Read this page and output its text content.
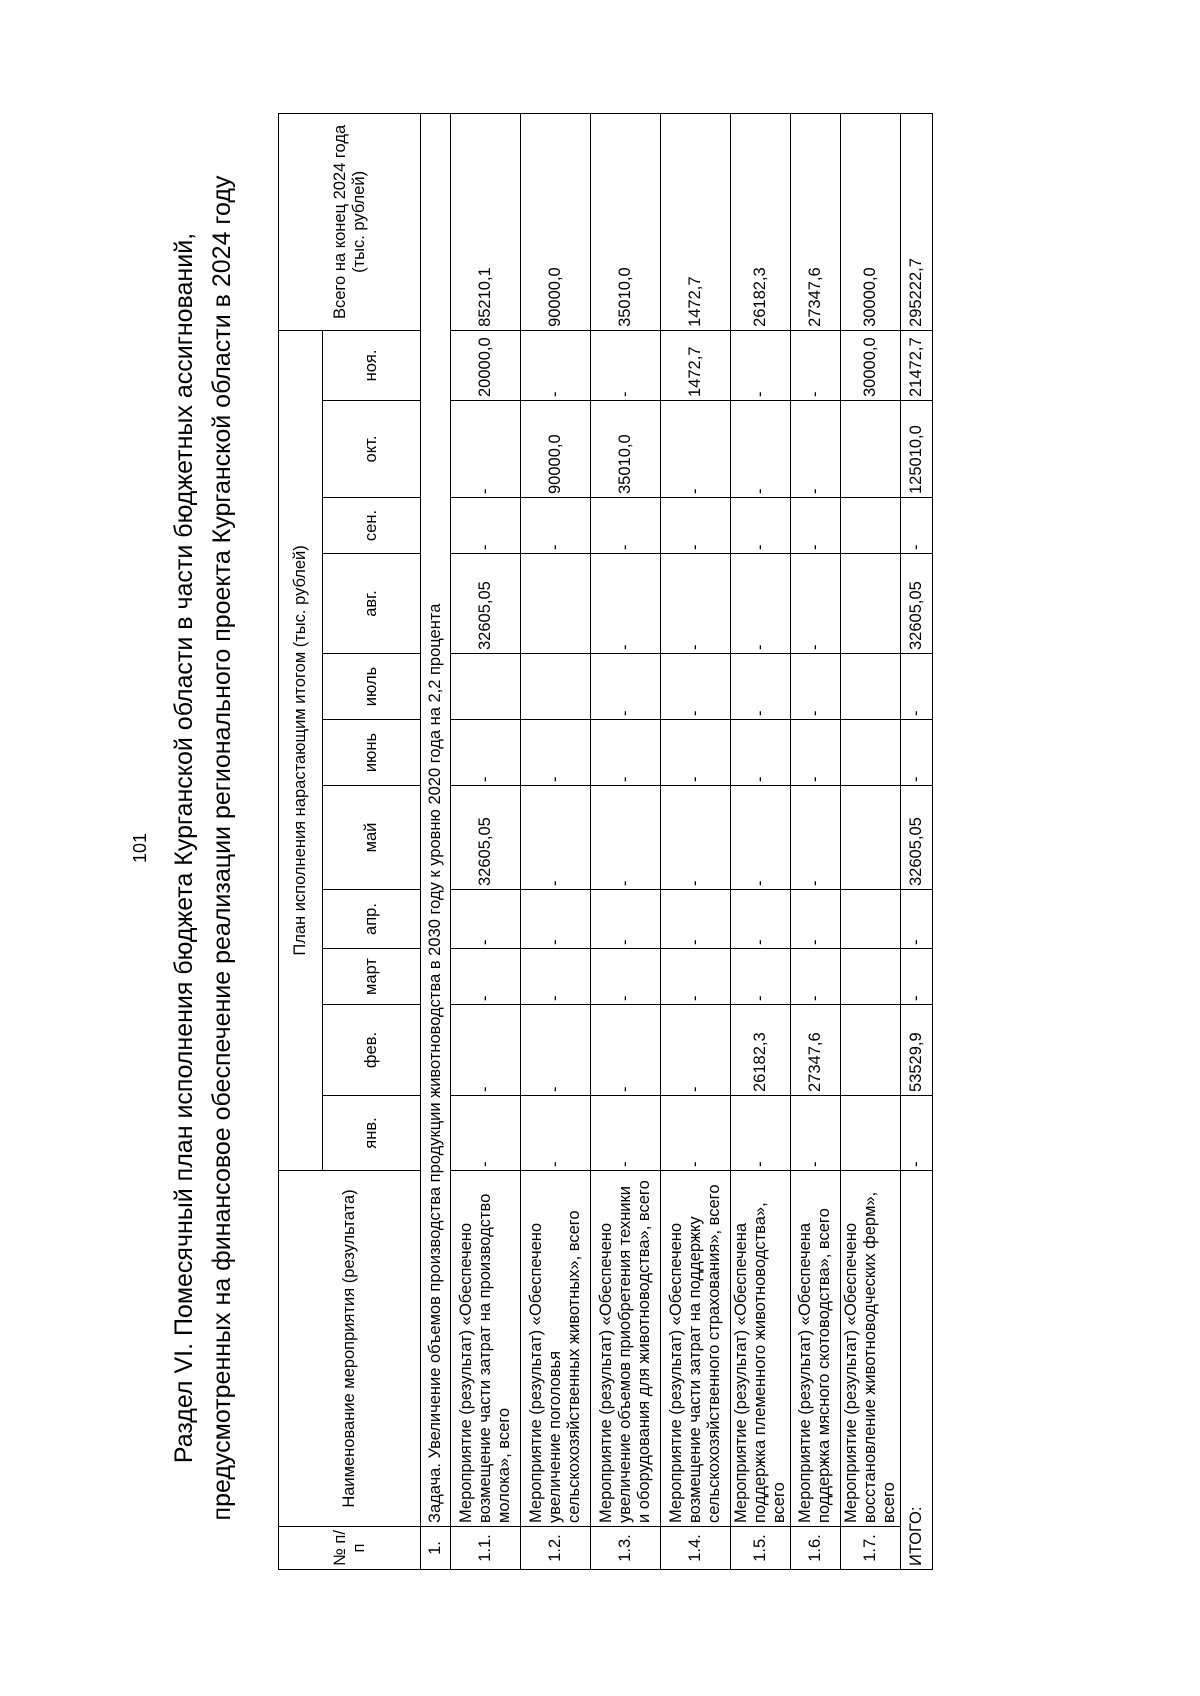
101 Раздел VI. Помесячный план исполнения бюджета Курганской области в части бюджетных ассигнований, предусмотренных на финансовое обеспечение реализации регионального проекта Курганской области в 2024 году
№ п/п	Наименование мероприятия (результата)	План исполнения нарастающим итогом (тыс. рублей)											Всего на конец 2024 года (тыс. рублей)
		янв.	фев.	март	апр.	май	июнь	июль	авг.	сен.	окт.	ноя.	
1.	Задача. Увеличение объемов производства продукции животноводства в 2030 году к уровню 2020 года на 2,2 процента												
1.1.	Мероприятие (результат) «Обеспечено возмещение части затрат на производство молока», всего	-	-	-	-	32605,05	-		32605,05	-	-	20000,0	85210,1
1.2.	Мероприятие (результат) «Обеспечено увеличение поголовья сельскохозяйственных животных», всего	-	-	-	-	-	-			-	90000,0	-	90000,0
1.3.	Мероприятие (результат) «Обеспечено увеличение объемов приобретения техники и оборудования для животноводства», всего	-	-	-	-	-	-	-	-	-	35010,0	-	35010,0
1.4.	Мероприятие (результат) «Обеспечено возмещение части затрат на поддержку сельскохозяйственного страхования», всего	-	-	-	-	-	-	-	-	-	-	1472,7	1472,7
1.5.	Мероприятие (результат) «Обеспечена поддержка племенного животноводства», всего	-	26182,3	-	-	-	-	-	-	-	-	-	26182,3
1.6.	Мероприятие (результат) «Обеспечена поддержка мясного скотоводства», всего	-	27347,6	-	-	-	-	-	-	-	-	-	27347,6
1.7.	Мероприятие (результат) «Обеспечено восстановление животноводческих ферм», всего											30000,0	30000,0
ИТОГО:		-	53529,9	-	-	32605,05	-	-	32605,05	-	125010,0	21472,7	295222,7
